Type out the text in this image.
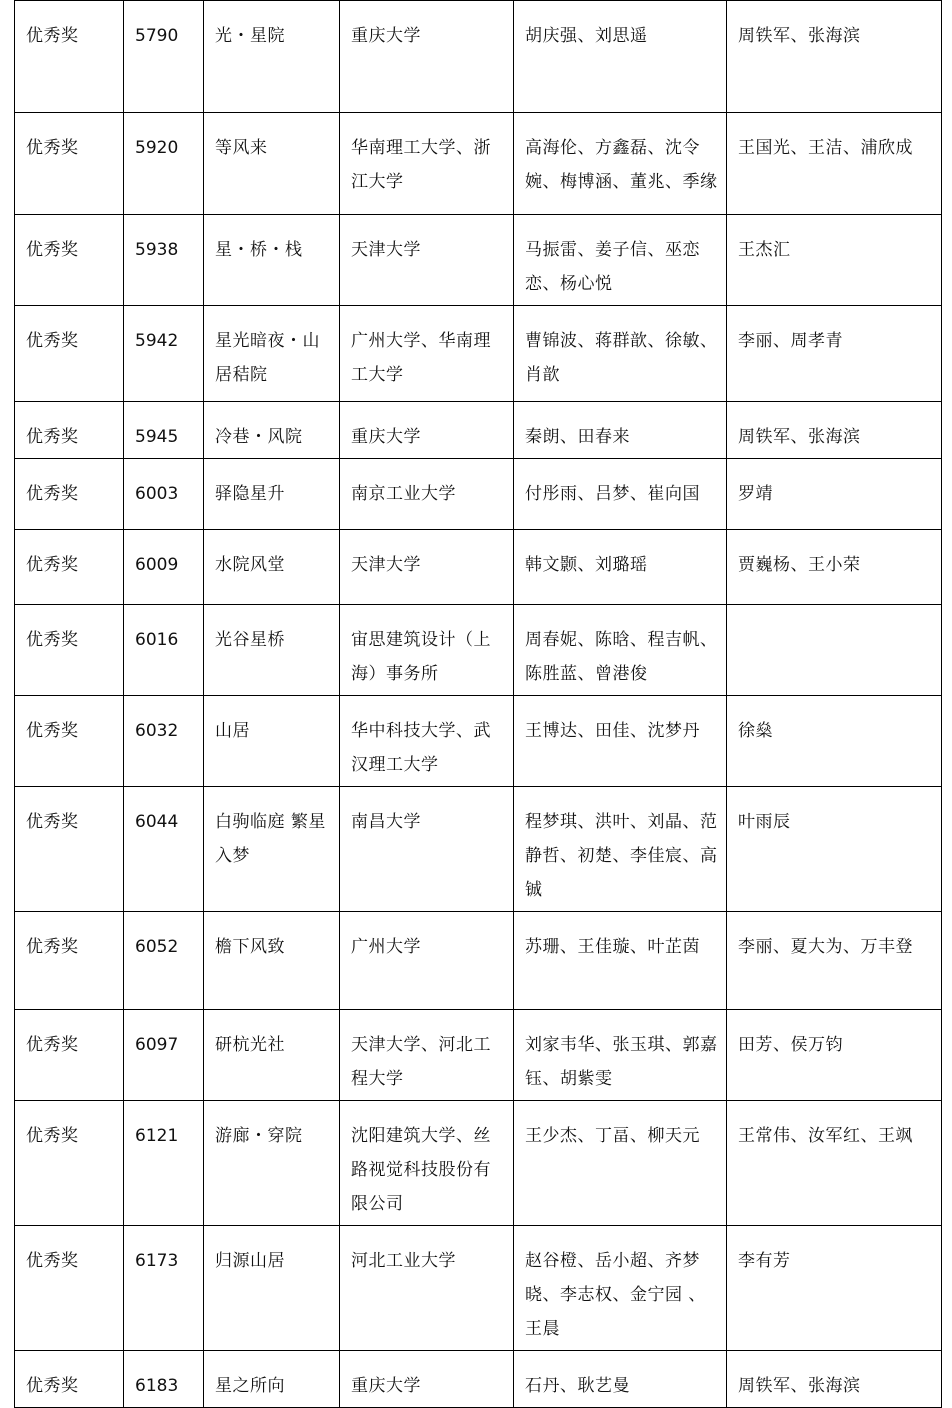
优秀奖	5790	光・星院	重庆大学	胡庆强、刘思遥	周铁军、张海滨
优秀奖	5920	等风来	华南理工大学、浙江大学	高海伦、方鑫磊、沈令婉、梅博涵、董兆、季缘	王国光、王洁、浦欣成
优秀奖	5938	星・桥・栈	天津大学	马振雷、姜子信、巫恋恋、杨心悦	王杰汇
优秀奖	5942	星光暗夜・山居秸院	广州大学、华南理工大学	曹锦波、蒋群歆、徐敏、肖歆	李丽、周孝青
优秀奖	5945	冷巷・风院	重庆大学	秦朗、田春来	周铁军、张海滨
优秀奖	6003	驿隐星升	南京工业大学	付彤雨、吕梦、崔向国	罗靖
优秀奖	6009	水院风堂	天津大学	韩文颢、刘璐瑶	贾巍杨、王小荣
优秀奖	6016	光谷星桥	宙思建筑设计（上海）事务所	周春妮、陈晗、程吉帆、陈胜蓝、曾港俊	
优秀奖	6032	山居	华中科技大学、武汉理工大学	王博达、田佳、沈梦丹	徐燊
优秀奖	6044	白驹临庭 繁星入梦	南昌大学	程梦琪、洪叶、刘晶、范静哲、初楚、李佳宸、高铖	叶雨辰
优秀奖	6052	檐下风致	广州大学	苏珊、王佳璇、叶芷茵	李丽、夏大为、万丰登
优秀奖	6097	研杭光社	天津大学、河北工程大学	刘家韦华、张玉琪、郭嘉钰、胡紫雯	田芳、侯万钧
优秀奖	6121	游廊・穿院	沈阳建筑大学、丝路视觉科技股份有限公司	王少杰、丁畐、柳天元	王常伟、汝军红、王飒
优秀奖	6173	归源山居	河北工业大学	赵谷橙、岳小超、齐梦晓、李志权、金宁园 、王晨	李有芳
优秀奖	6183	星之所向	重庆大学	石丹、耿艺曼	周铁军、张海滨
